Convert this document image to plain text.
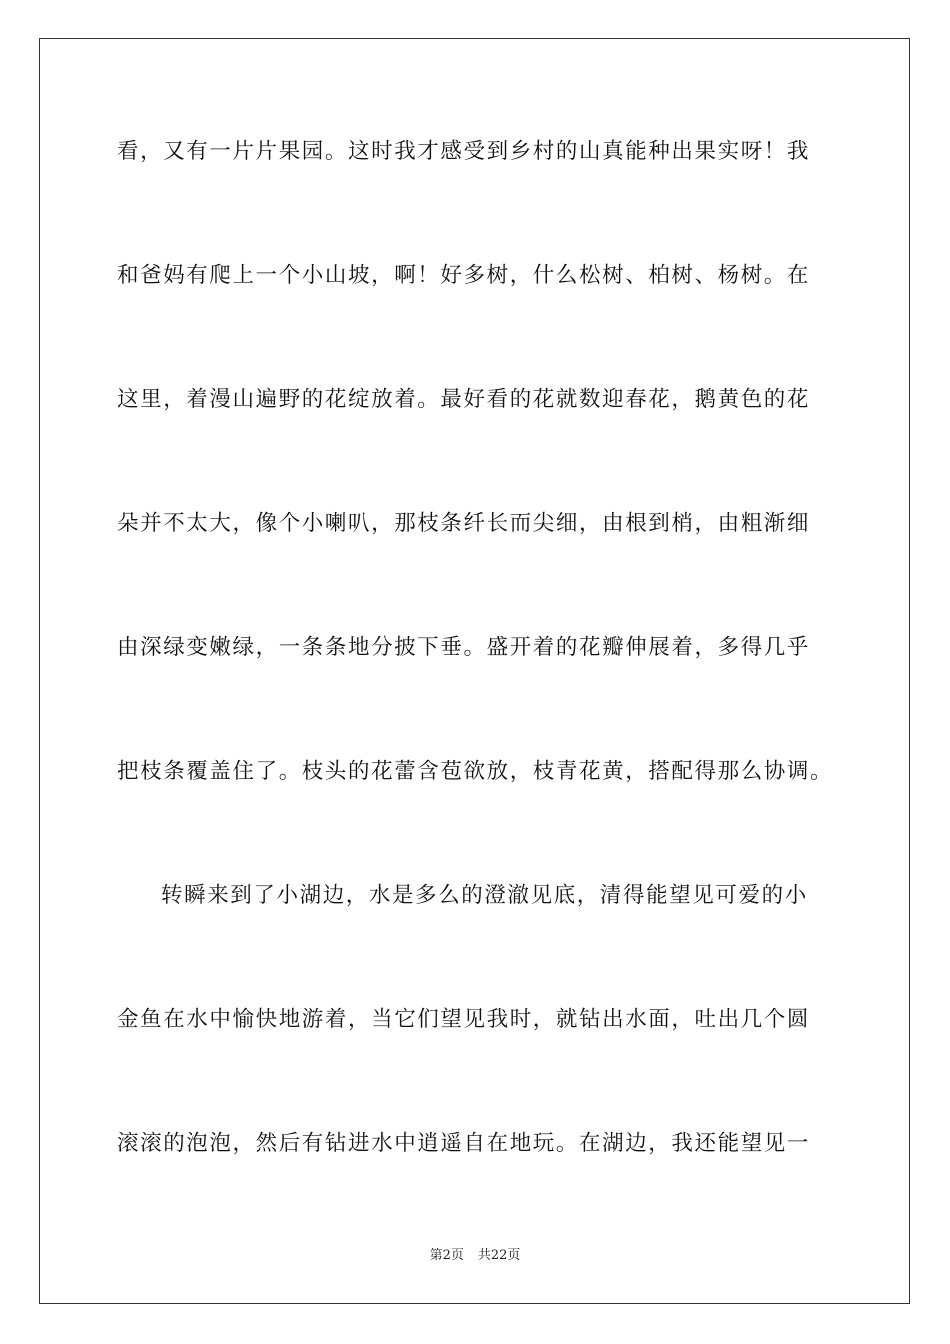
看，又有一片片果园。这时我才感受到乡村的山真能种出果实呀！我
和爸妈有爬上一个小山坡，啊！好多树，什么松树、柏树、杨树。在
这里，着漫山遍野的花绽放着。最好看的花就数迎春花，鹅黄色的花
朵并不太大，像个小喇叭，那枝条纤长而尖细，由根到梢，由粗渐细
由深绿变嫩绿，一条条地分披下垂。盛开着的花瓣伸展着，多得几乎
把枝条覆盖住了。枝头的花蕾含苞欲放，枝青花黄，搭配得那么协调。
转瞬来到了小湖边，水是多么的澄澈见底，清得能望见可爱的小
金鱼在水中愉快地游着，当它们望见我时，就钻出水面，吐出几个圆
滚滚的泡泡，然后有钻进水中逍遥自在地玩。在湖边，我还能望见一
第2页 共22页
